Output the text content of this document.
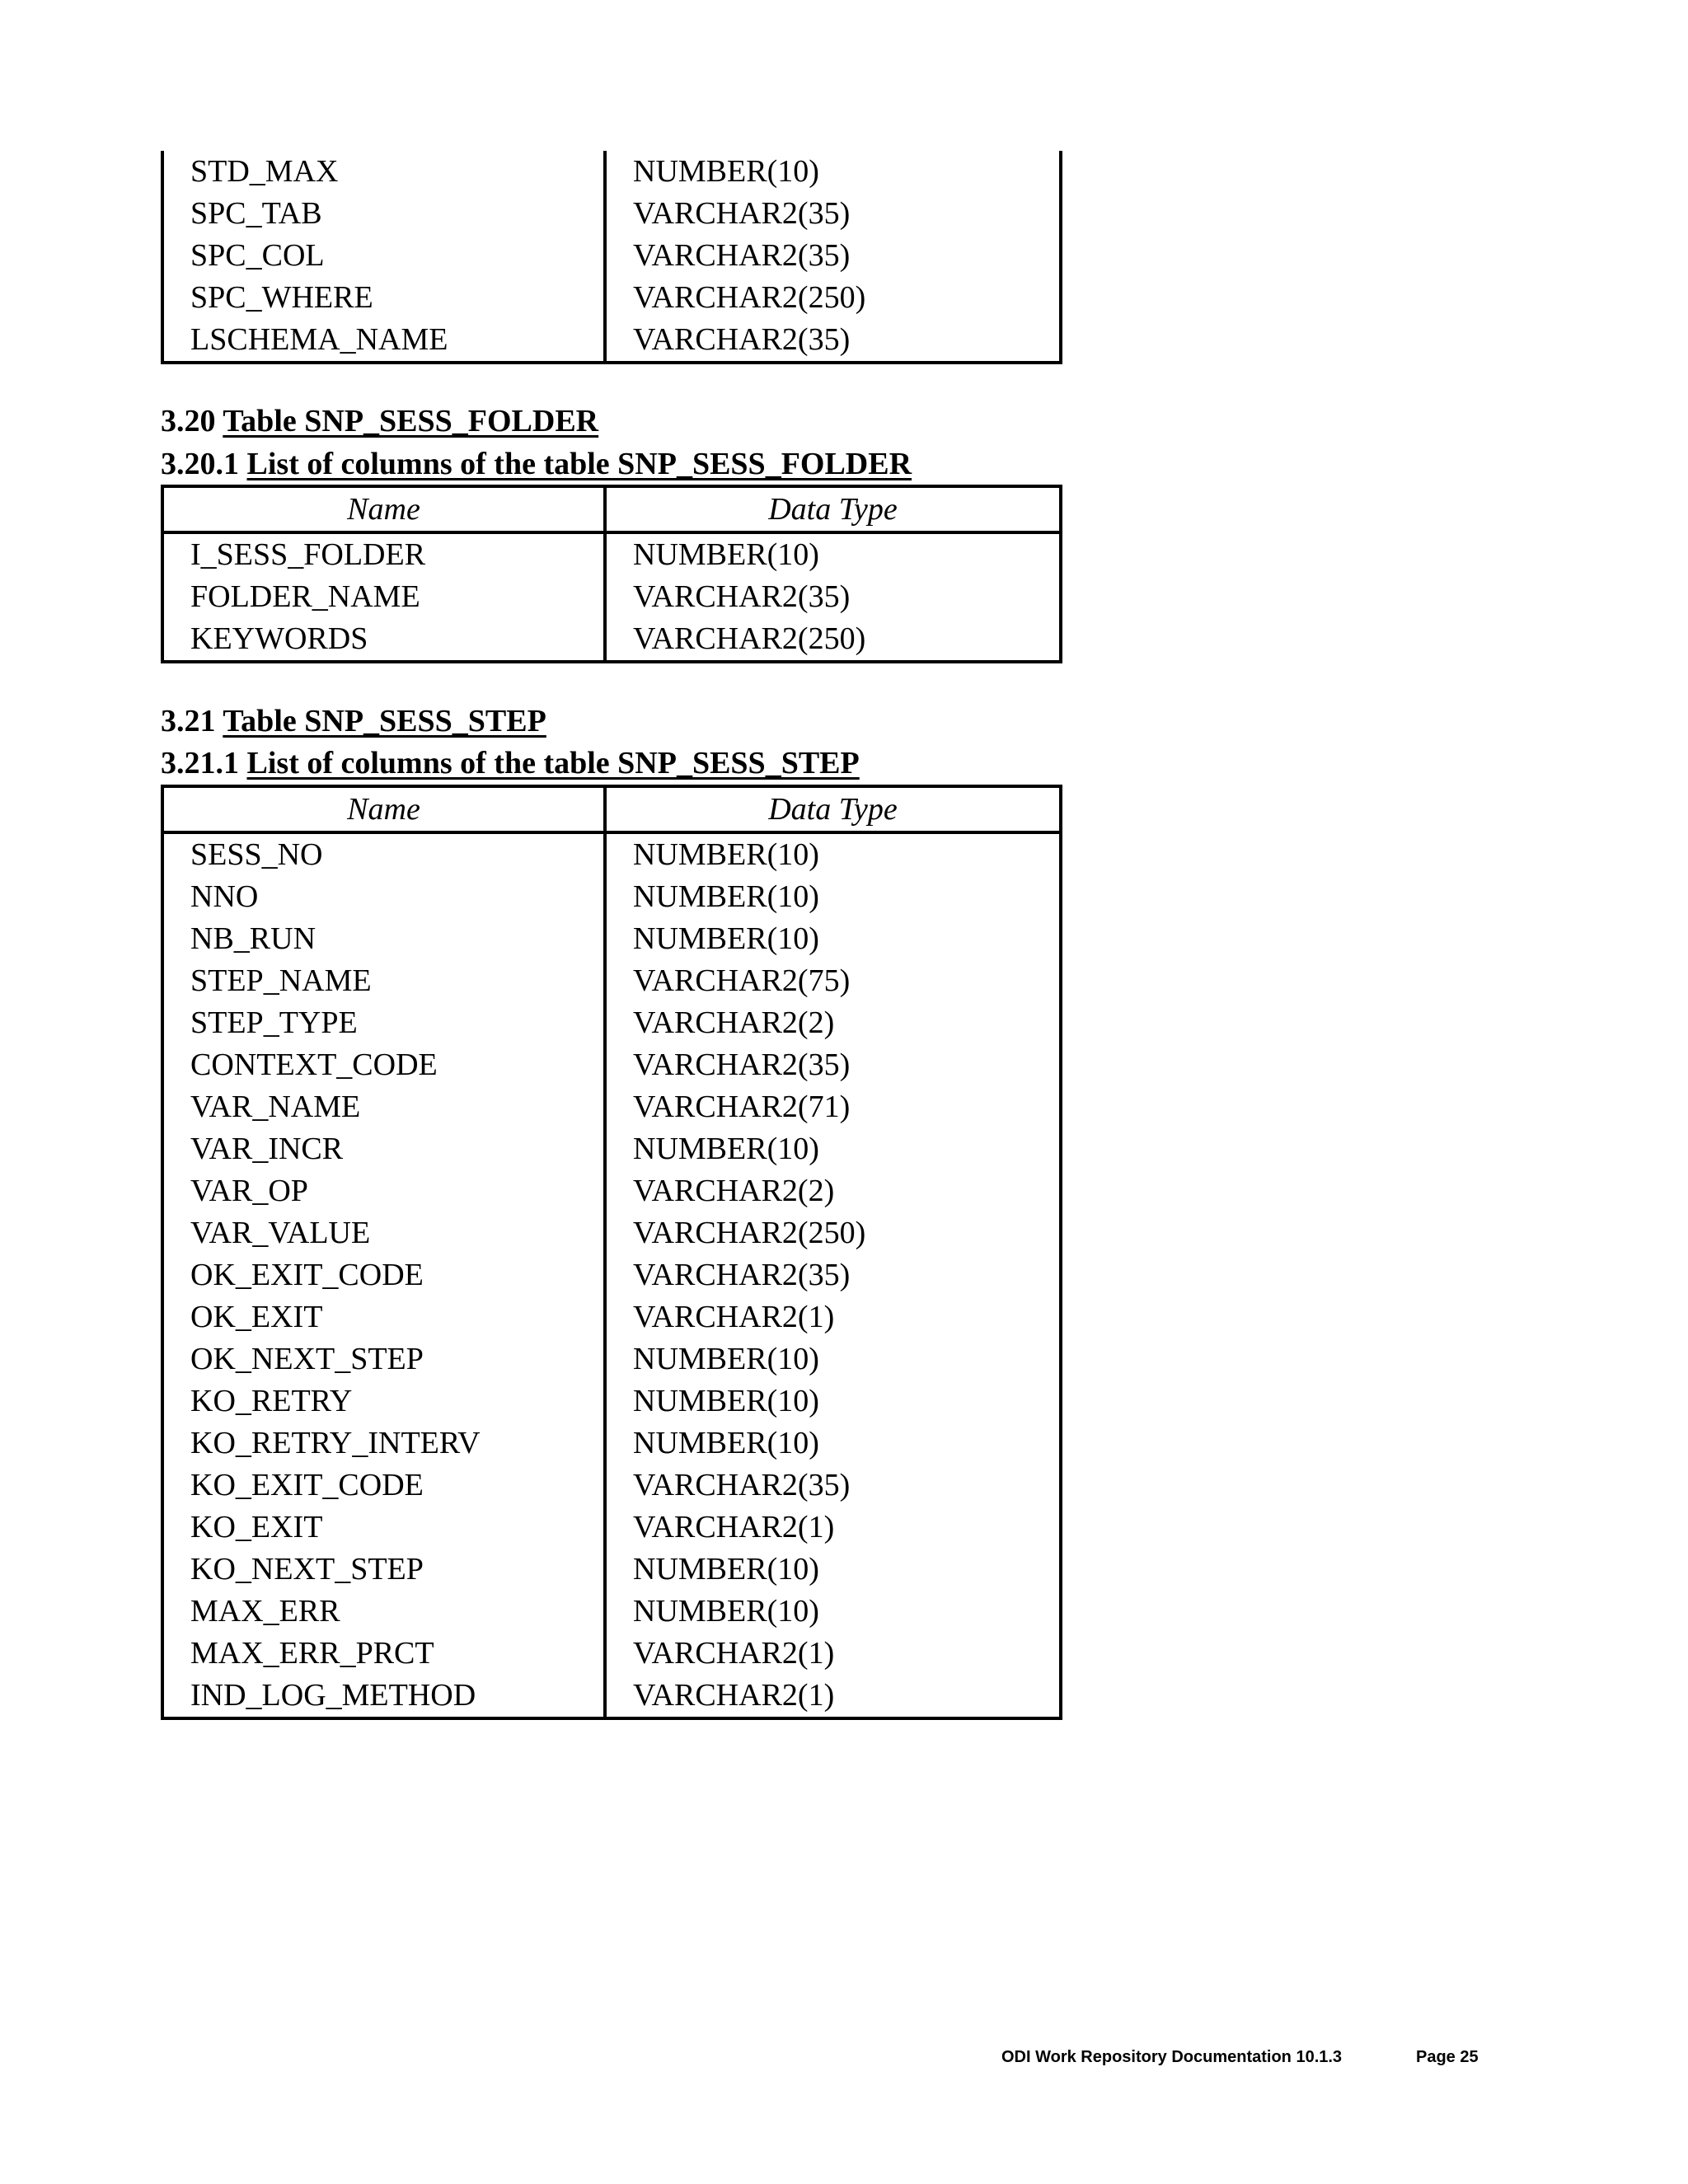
STD_MAX	NUMBER(10)
SPC_TAB	VARCHAR2(35)
SPC_COL	VARCHAR2(35)
SPC_WHERE	VARCHAR2(250)
LSCHEMA_NAME	VARCHAR2(35)
3.20 Table SNP_SESS_FOLDER
3.20.1 List of columns of the table SNP_SESS_FOLDER
Name	Data Type
I_SESS_FOLDER	NUMBER(10)
FOLDER_NAME	VARCHAR2(35)
KEYWORDS	VARCHAR2(250)
3.21 Table SNP_SESS_STEP
3.21.1 List of columns of the table SNP_SESS_STEP
Name	Data Type
SESS_NO	NUMBER(10)
NNO	NUMBER(10)
NB_RUN	NUMBER(10)
STEP_NAME	VARCHAR2(75)
STEP_TYPE	VARCHAR2(2)
CONTEXT_CODE	VARCHAR2(35)
VAR_NAME	VARCHAR2(71)
VAR_INCR	NUMBER(10)
VAR_OP	VARCHAR2(2)
VAR_VALUE	VARCHAR2(250)
OK_EXIT_CODE	VARCHAR2(35)
OK_EXIT	VARCHAR2(1)
OK_NEXT_STEP	NUMBER(10)
KO_RETRY	NUMBER(10)
KO_RETRY_INTERV	NUMBER(10)
KO_EXIT_CODE	VARCHAR2(35)
KO_EXIT	VARCHAR2(1)
KO_NEXT_STEP	NUMBER(10)
MAX_ERR	NUMBER(10)
MAX_ERR_PRCT	VARCHAR2(1)
IND_LOG_METHOD	VARCHAR2(1)
ODI Work Repository Documentation 10.1.3	Page 25
